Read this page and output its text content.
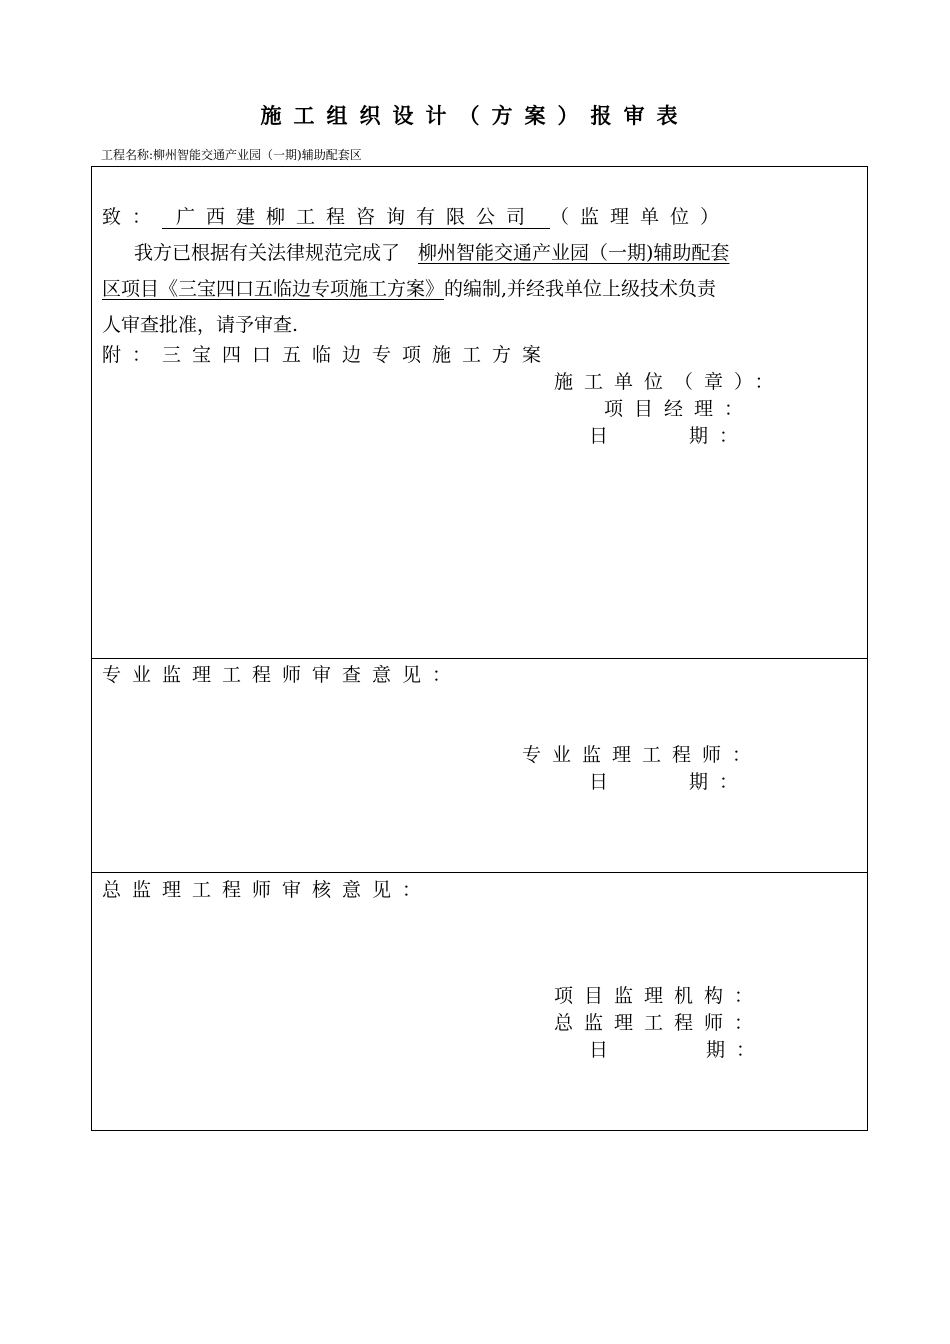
施工组织设计（方案）报审表
工程名称:柳州智能交通产业园（一期)辅助配套区
致： 广西建柳工程咨询有限公司 （监理单位）
我方已根据有关法律规范完成了 柳州智能交通产业园（一期)辅助配套
区项目《三宝四口五临边专项施工方案》的编制,并经我单位上级技术负责
人审查批准，请予审查.
附：三宝四口五临边专项施工方案
施工单位（章）：
项目经理：
日	期：
专业监理工程师审查意见：
专业监理工程师：
日	期：
总监理工程师审核意见：
项目监理机构：
总监理工程师：
日	期：
